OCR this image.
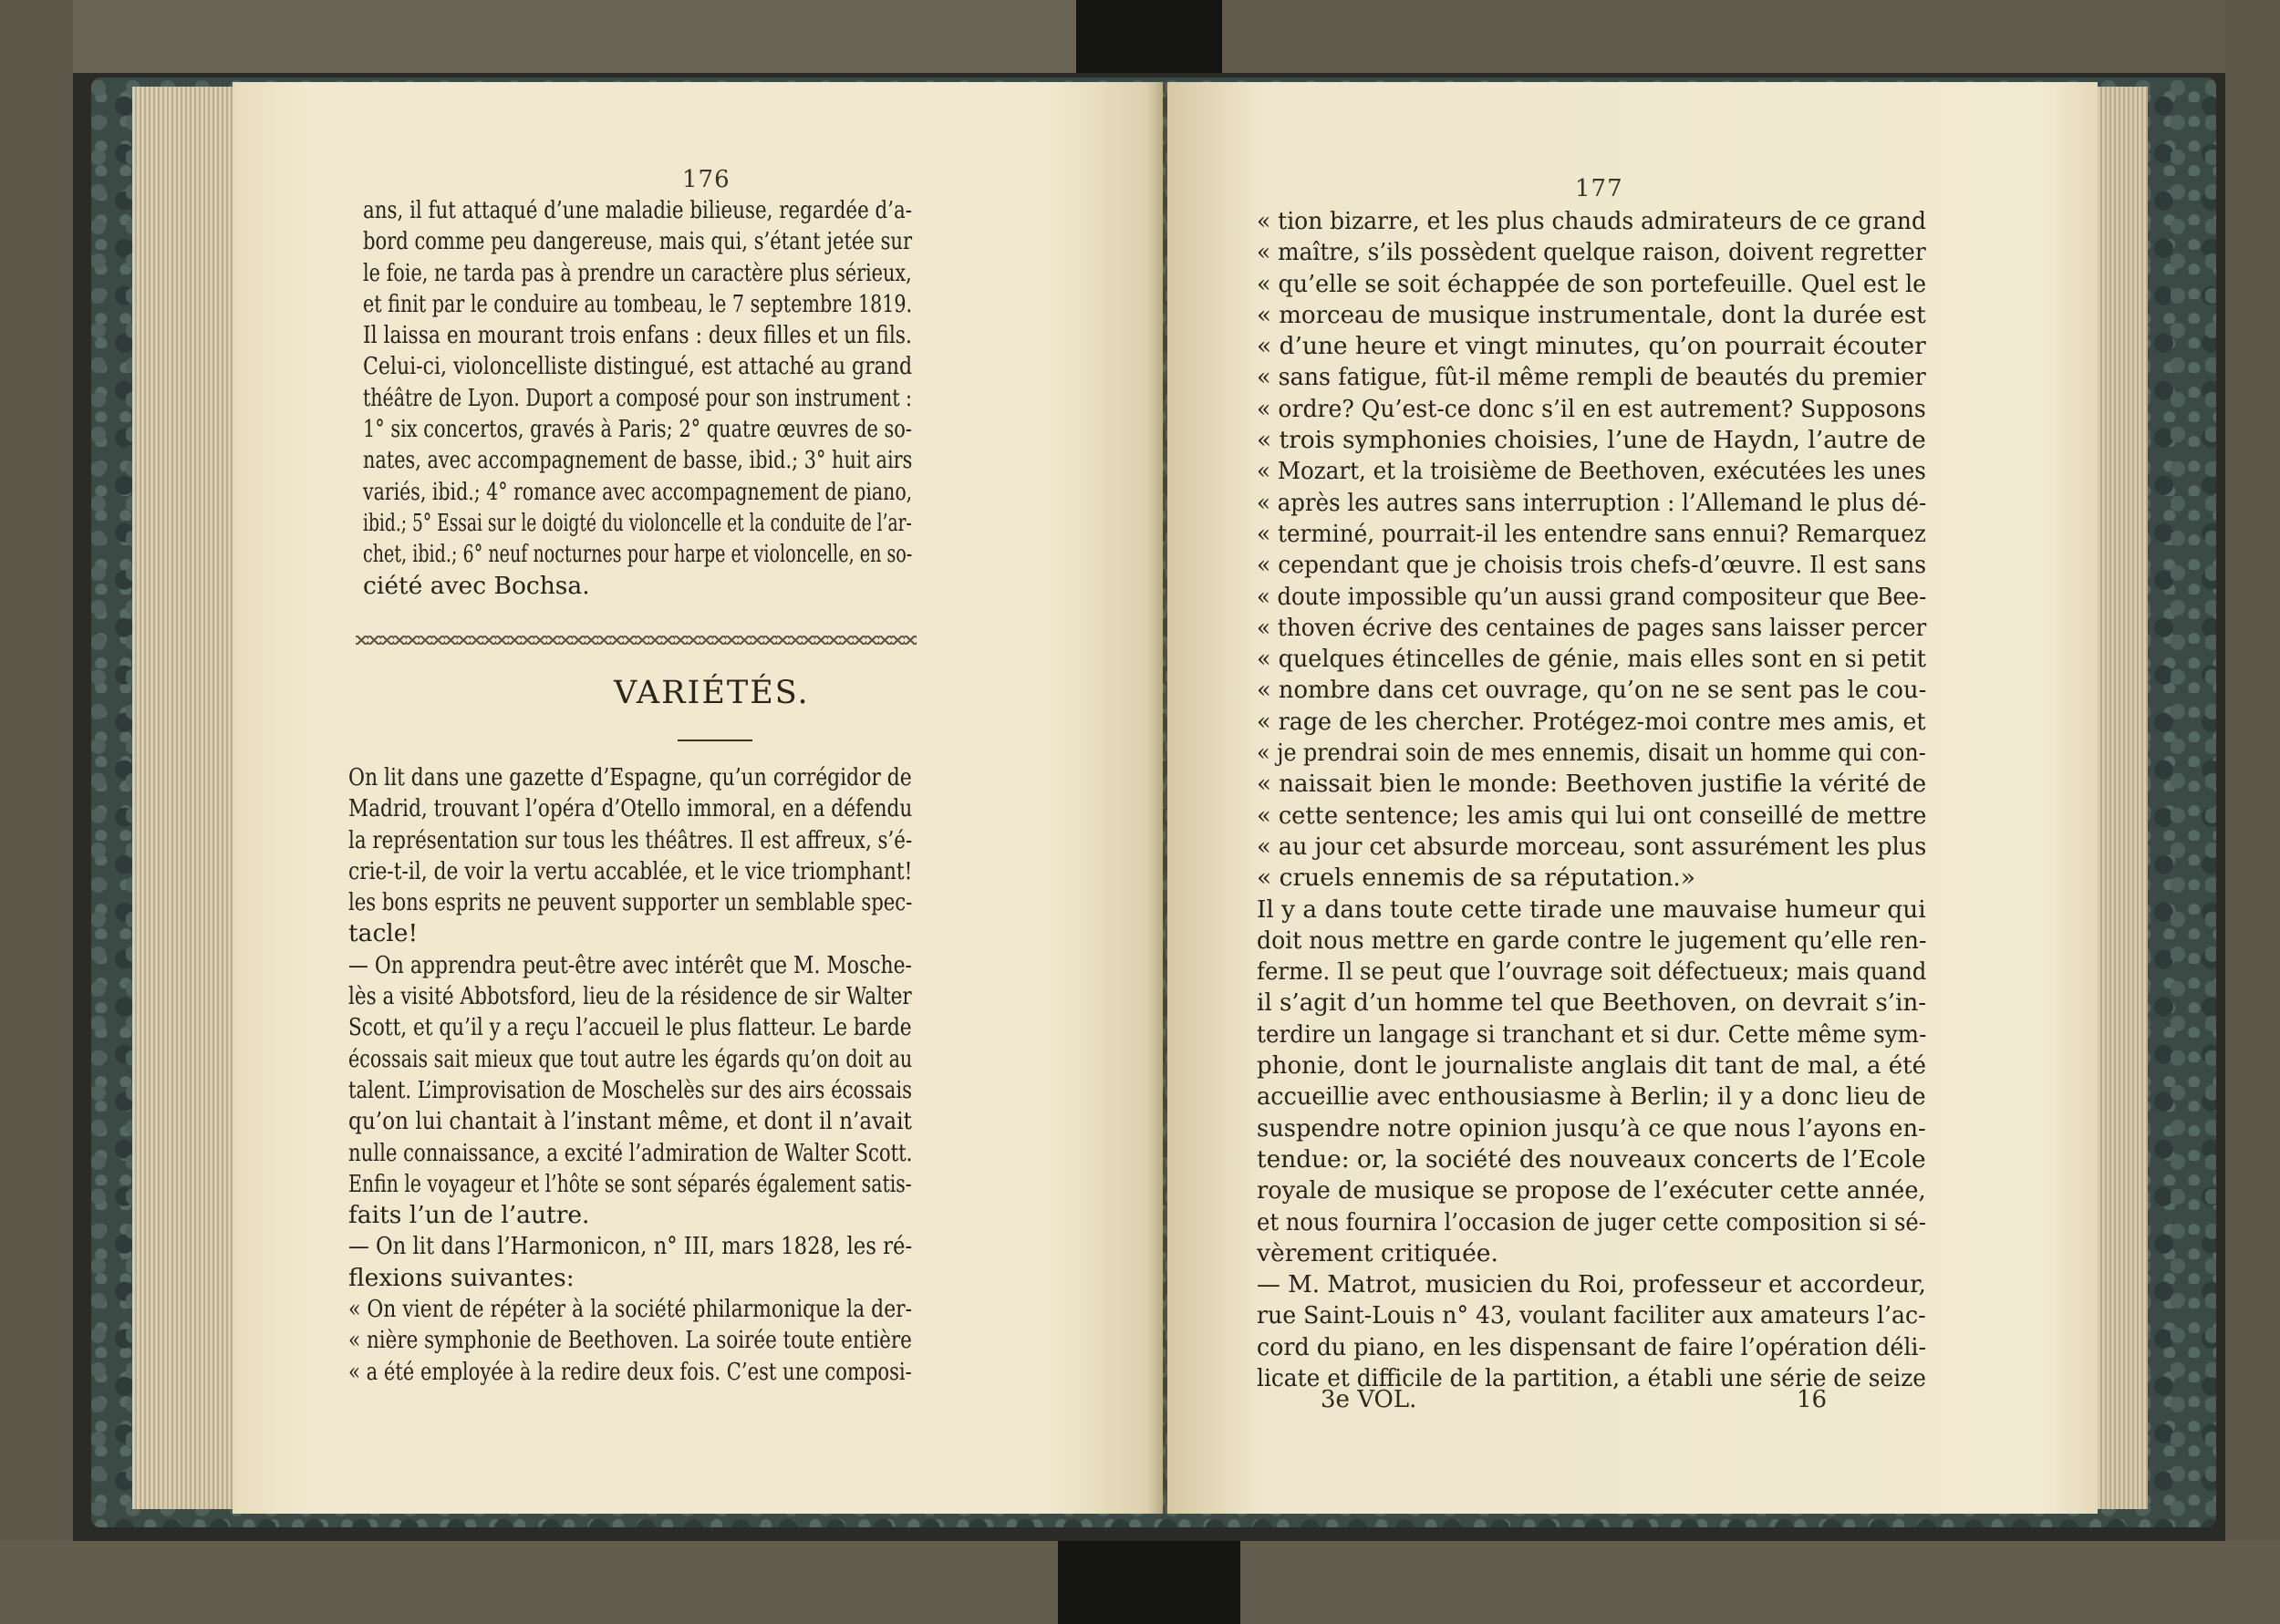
176
ans, il fut attaqué d’une maladie bilieuse, regardée d’a-
bord comme peu dangereuse, mais qui, s’étant jetée sur
le foie, ne tarda pas à prendre un caractère plus sérieux,
et finit par le conduire au tombeau, le 7 septembre 1819.
Il laissa en mourant trois enfans : deux filles et un fils.
Celui-ci, violoncelliste distingué, est attaché au grand
théâtre de Lyon. Duport a composé pour son instrument :
1° six concertos, gravés à Paris; 2° quatre œuvres de so-
nates, avec accompagnement de basse, ibid.; 3° huit airs
variés, ibid.; 4° romance avec accompagnement de piano,
ibid.; 5° Essai sur le doigté du violoncelle et la conduite de l’ar-
chet, ibid.; 6° neuf nocturnes pour harpe et violoncelle, en so-
ciété avec Bochsa.
VARIÉTÉS.
On lit dans une gazette d’Espagne, qu’un corrégidor de
Madrid, trouvant l’opéra d’Otello immoral, en a défendu
la représentation sur tous les théâtres. Il est affreux, s’é-
crie-t-il, de voir la vertu accablée, et le vice triomphant!
les bons esprits ne peuvent supporter un semblable spec-
tacle!
— On apprendra peut-être avec intérêt que M. Mosche-
lès a visité Abbotsford, lieu de la résidence de sir Walter
Scott, et qu’il y a reçu l’accueil le plus flatteur. Le barde
écossais sait mieux que tout autre les égards qu’on doit au
talent. L’improvisation de Moschelès sur des airs écossais
qu’on lui chantait à l’instant même, et dont il n’avait
nulle connaissance, a excité l’admiration de Walter Scott.
Enfin le voyageur et l’hôte se sont séparés également satis-
faits l’un de l’autre.
— On lit dans l’Harmonicon, n° III, mars 1828, les ré-
flexions suivantes:
« On vient de répéter à la société philarmonique la der-
« nière symphonie de Beethoven. La soirée toute entière
« a été employée à la redire deux fois. C’est une composi-
177
« tion bizarre, et les plus chauds admirateurs de ce grand
« maître, s’ils possèdent quelque raison, doivent regretter
« qu’elle se soit échappée de son portefeuille. Quel est le
« morceau de musique instrumentale, dont la durée est
« d’une heure et vingt minutes, qu’on pourrait écouter
« sans fatigue, fût-il même rempli de beautés du premier
« ordre? Qu’est-ce donc s’il en est autrement? Supposons
« trois symphonies choisies, l’une de Haydn, l’autre de
« Mozart, et la troisième de Beethoven, exécutées les unes
« après les autres sans interruption : l’Allemand le plus dé-
« terminé, pourrait-il les entendre sans ennui? Remarquez
« cependant que je choisis trois chefs-d’œuvre. Il est sans
« doute impossible qu’un aussi grand compositeur que Bee-
« thoven écrive des centaines de pages sans laisser percer
« quelques étincelles de génie, mais elles sont en si petit
« nombre dans cet ouvrage, qu’on ne se sent pas le cou-
« rage de les chercher. Protégez-moi contre mes amis, et
« je prendrai soin de mes ennemis, disait un homme qui con-
« naissait bien le monde: Beethoven justifie la vérité de
« cette sentence; les amis qui lui ont conseillé de mettre
« au jour cet absurde morceau, sont assurément les plus
« cruels ennemis de sa réputation.»
Il y a dans toute cette tirade une mauvaise humeur qui
doit nous mettre en garde contre le jugement qu’elle ren-
ferme. Il se peut que l’ouvrage soit défectueux; mais quand
il s’agit d’un homme tel que Beethoven, on devrait s’in-
terdire un langage si tranchant et si dur. Cette même sym-
phonie, dont le journaliste anglais dit tant de mal, a été
accueillie avec enthousiasme à Berlin; il y a donc lieu de
suspendre notre opinion jusqu’à ce que nous l’ayons en-
tendue: or, la société des nouveaux concerts de l’Ecole
royale de musique se propose de l’exécuter cette année,
et nous fournira l’occasion de juger cette composition si sé-
vèrement critiquée.
— M. Matrot, musicien du Roi, professeur et accordeur,
rue Saint-Louis n° 43, voulant faciliter aux amateurs l’ac-
cord du piano, en les dispensant de faire l’opération déli-
licate et difficile de la partition, a établi une série de seize
3e VOL.	16
